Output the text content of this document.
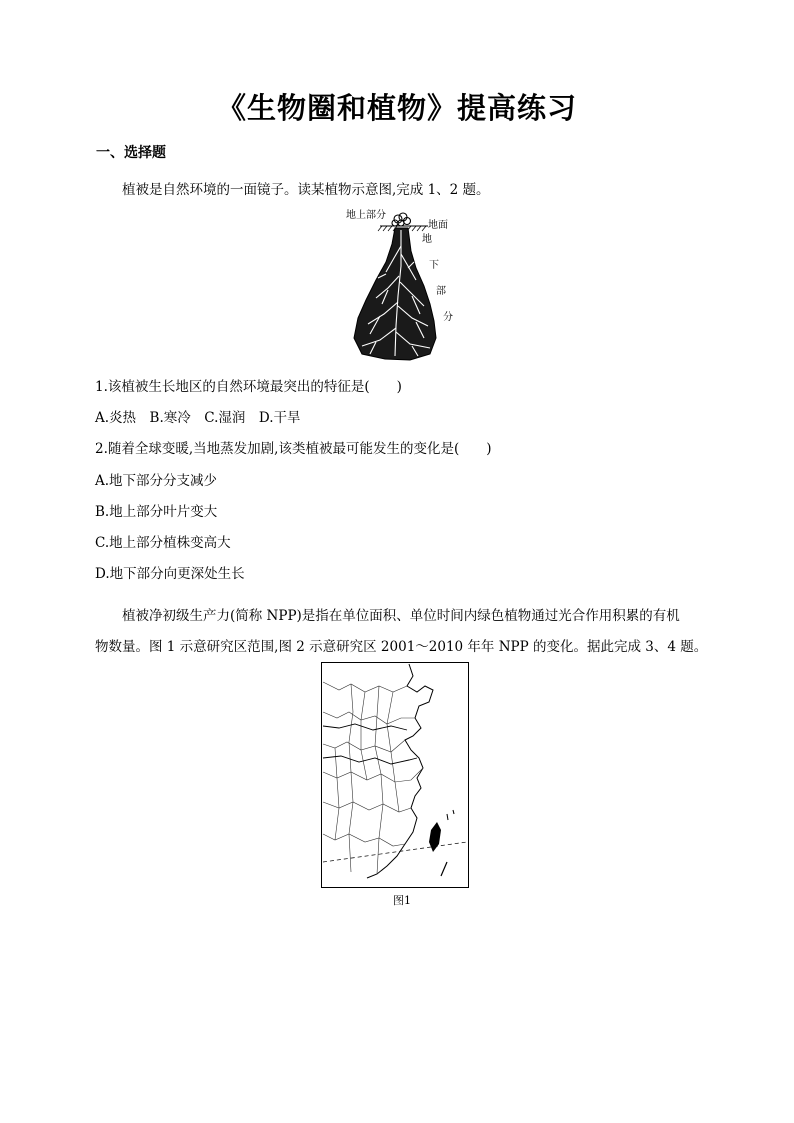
《生物圈和植物》提高练习
一、选择题
植被是自然环境的一面镜子。读某植物示意图,完成 1、2 题。
地上部分
地面
地
下
部
分
1.该植被生长地区的自然环境最突出的特征是(　　)
A.炎热　B.寒冷　C.湿润　D.干旱
2.随着全球变暖,当地蒸发加剧,该类植被最可能发生的变化是(　　)
A.地下部分分支减少
B.地上部分叶片变大
C.地上部分植株变高大
D.地下部分向更深处生长
植被净初级生产力(简称 NPP)是指在单位面积、单位时间内绿色植物通过光合作用积累的有机
物数量。图 1 示意研究区范围,图 2 示意研究区 2001～2010 年年 NPP 的变化。据此完成 3、4 题。
图1
